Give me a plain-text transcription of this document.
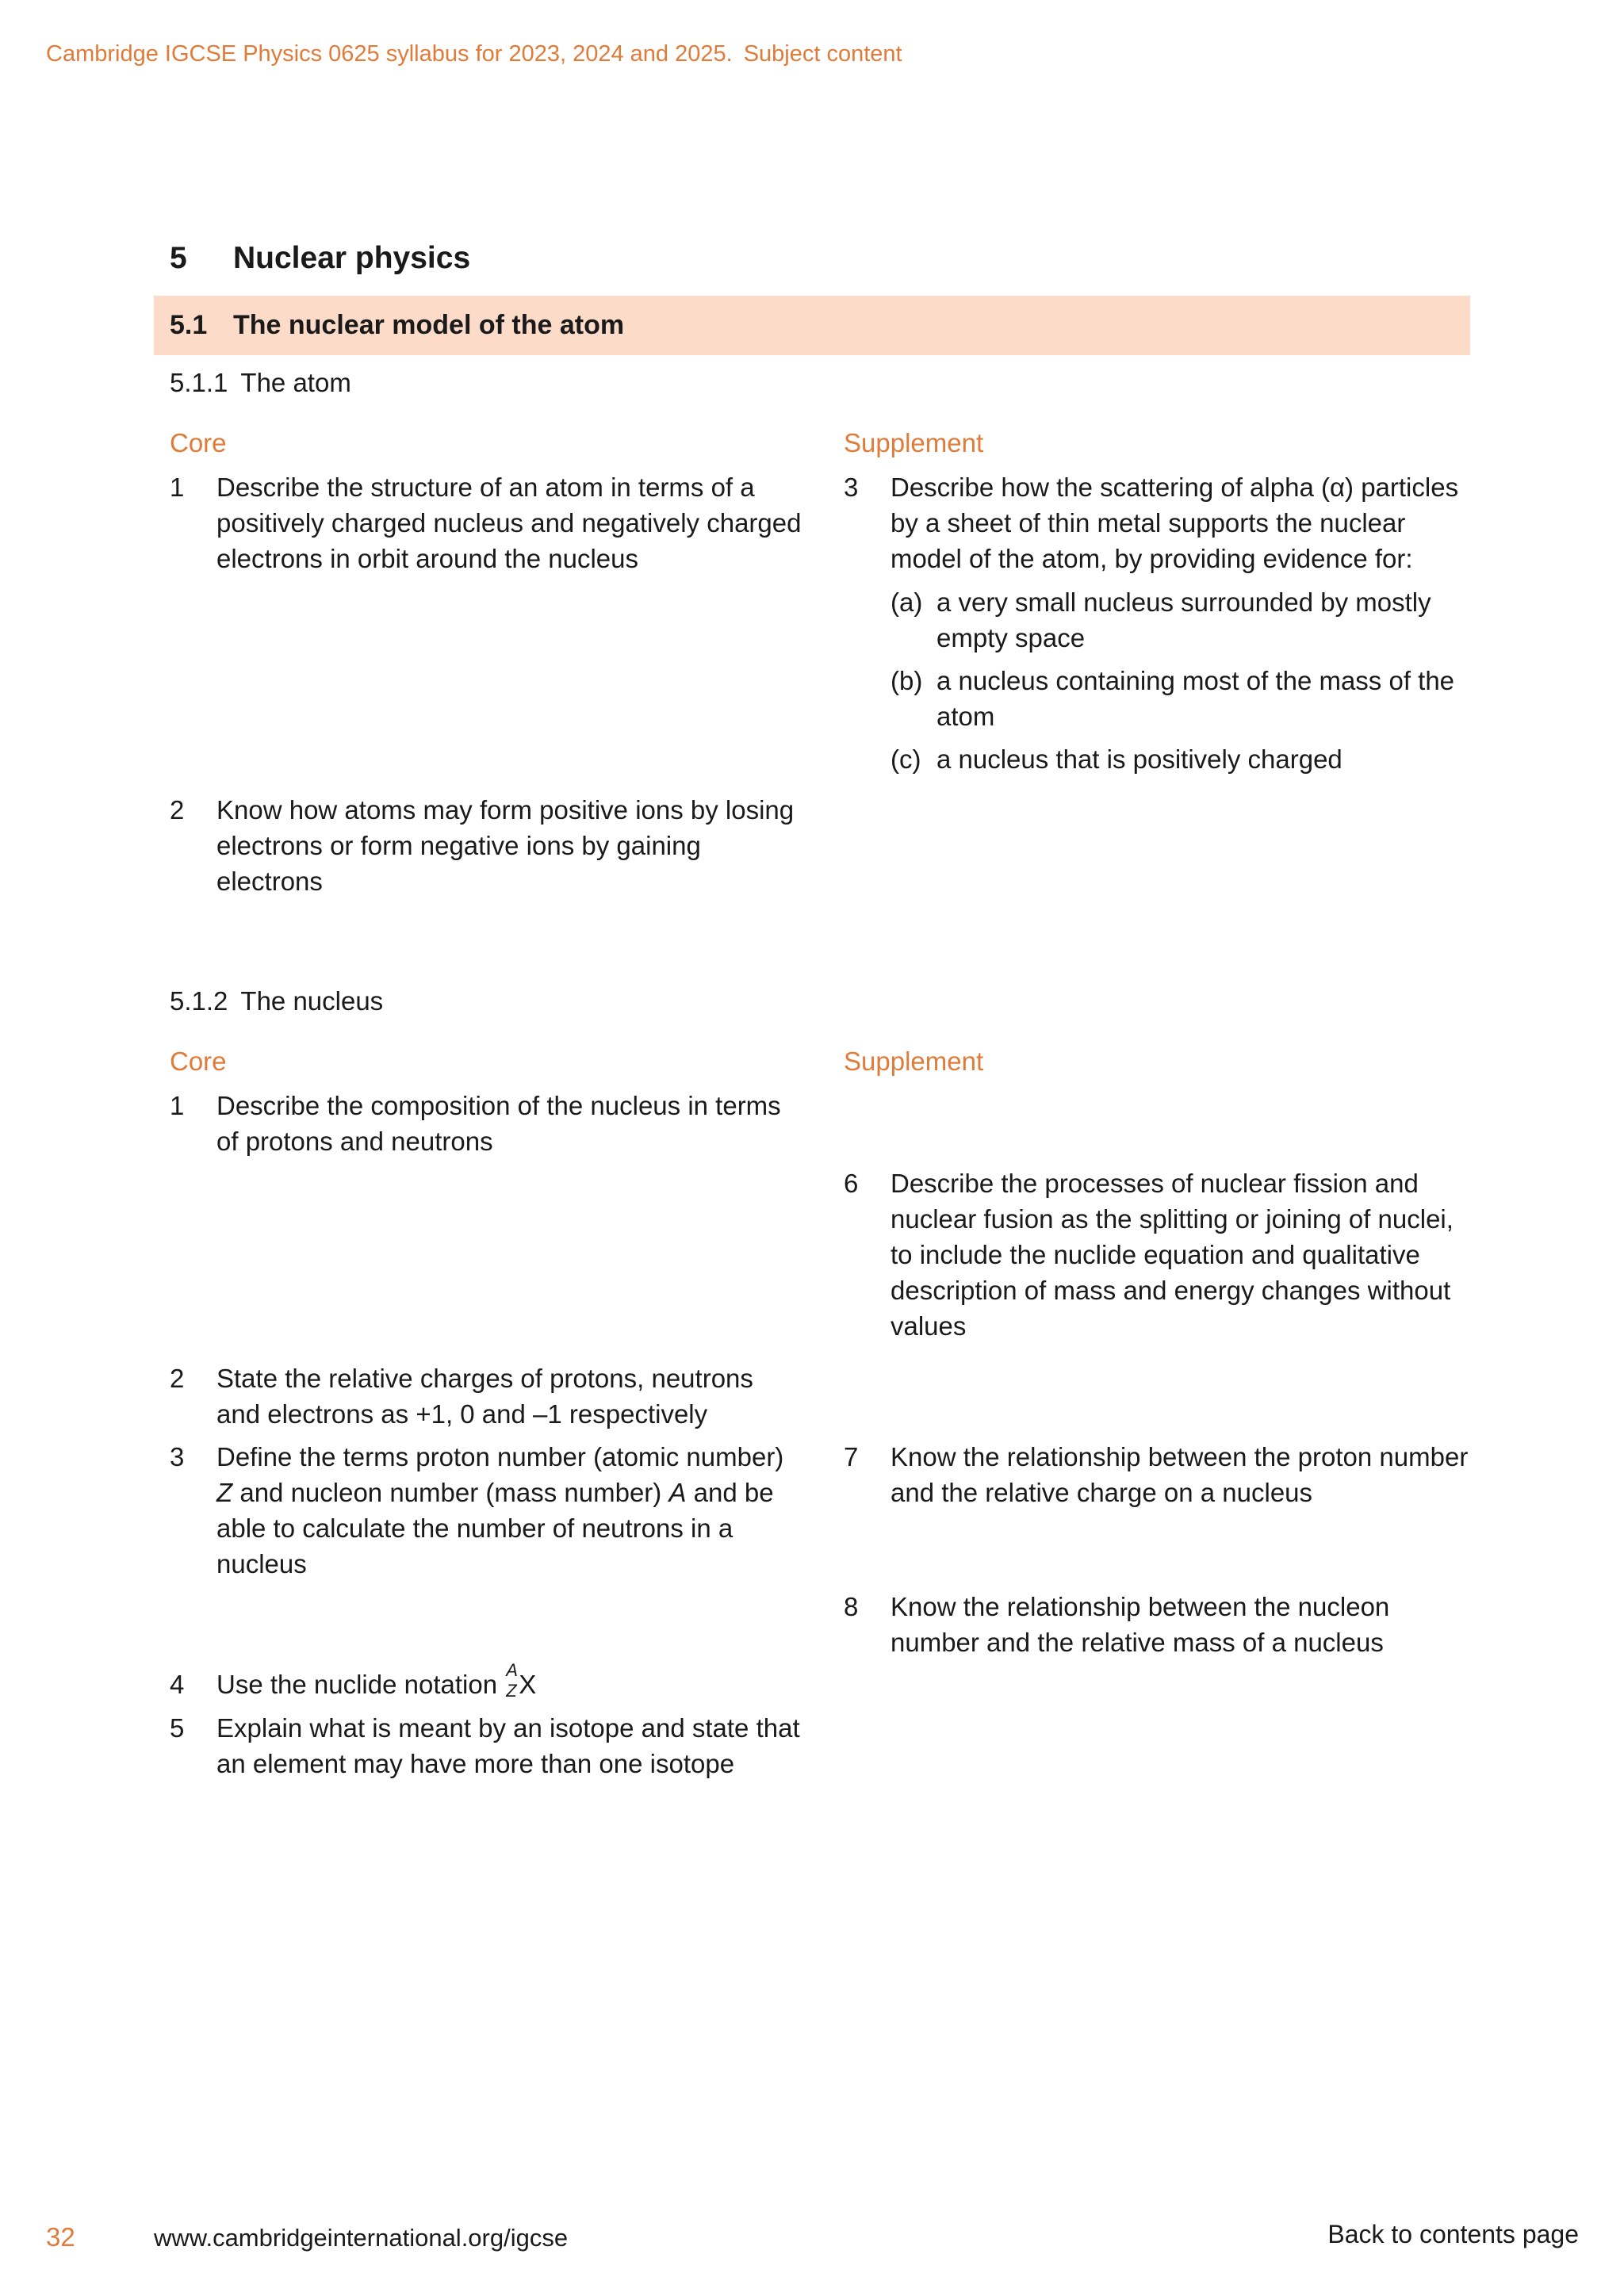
Cambridge IGCSE Physics 0625 syllabus for 2023, 2024 and 2025. Subject content
5 Nuclear physics
5.1 The nuclear model of the atom
5.1.1 The atom
Core	Supplement
1 Describe the structure of an atom in terms of a positively charged nucleus and negatively charged electrons in orbit around the nucleus
2 Know how atoms may form positive ions by losing electrons or form negative ions by gaining electrons
3 Describe how the scattering of alpha (α) particles by a sheet of thin metal supports the nuclear model of the atom, by providing evidence for:
(a) a very small nucleus surrounded by mostly empty space
(b) a nucleus containing most of the mass of the atom
(c) a nucleus that is positively charged
5.1.2 The nucleus
Core	Supplement
1 Describe the composition of the nucleus in terms of protons and neutrons
2 State the relative charges of protons, neutrons and electrons as +1, 0 and –1 respectively
3 Define the terms proton number (atomic number) Z and nucleon number (mass number) A and be able to calculate the number of neutrons in a nucleus
4 Use the nuclide notation A
Z X
5 Explain what is meant by an isotope and state that an element may have more than one isotope
6 Describe the processes of nuclear fission and nuclear fusion as the splitting or joining of nuclei, to include the nuclide equation and qualitative description of mass and energy changes without values
7 Know the relationship between the proton number and the relative charge on a nucleus
8 Know the relationship between the nucleon number and the relative mass of a nucleus
32	www.cambridgeinternational.org/igcse	Back to contents page
